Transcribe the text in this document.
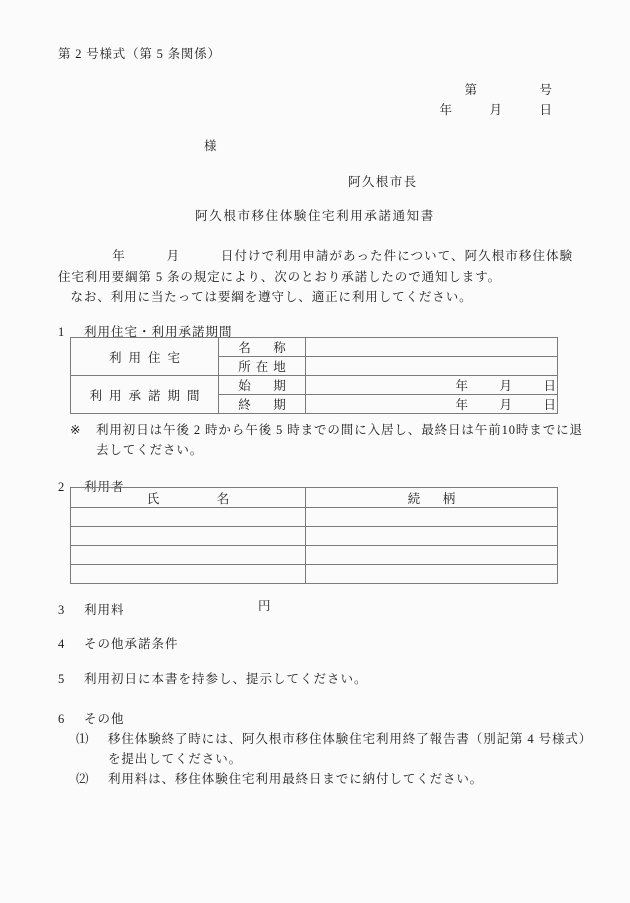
第 2 号様式（第 5 条関係）
第　　　　　号
年　　　月　　　日
様
阿久根市長
阿久根市移住体験住宅利用承諾通知書

　　　　年　　　月　　　日付けで利用申請があった件について、阿久根市移住体験住宅利用要綱第 5 条の規定により、次のとおり承諾したので通知します。

なお、利用に当たっては要綱を遵守し、適正に利用してください。

1 利用住宅・利用承諾期間
利用住宅	名　称	
	所在地	
利用承諾期間	始　期	年 月 日
	終　期	年 月 日
※ 利用初日は午後 2 時から午後 5 時までの間に入居し、最終日は午前10時までに退去してください。
2 利用者
氏　　　名	続　柄

3 利用料	円
4 その他承諾条件
5 利用初日に本書を持参し、提示してください。
6 その他
⑴ 移住体験終了時には、阿久根市移住体験住宅利用終了報告書（別記第 4 号様式）を提出してください。
⑵ 利用料は、移住体験住宅利用最終日までに納付してください。
